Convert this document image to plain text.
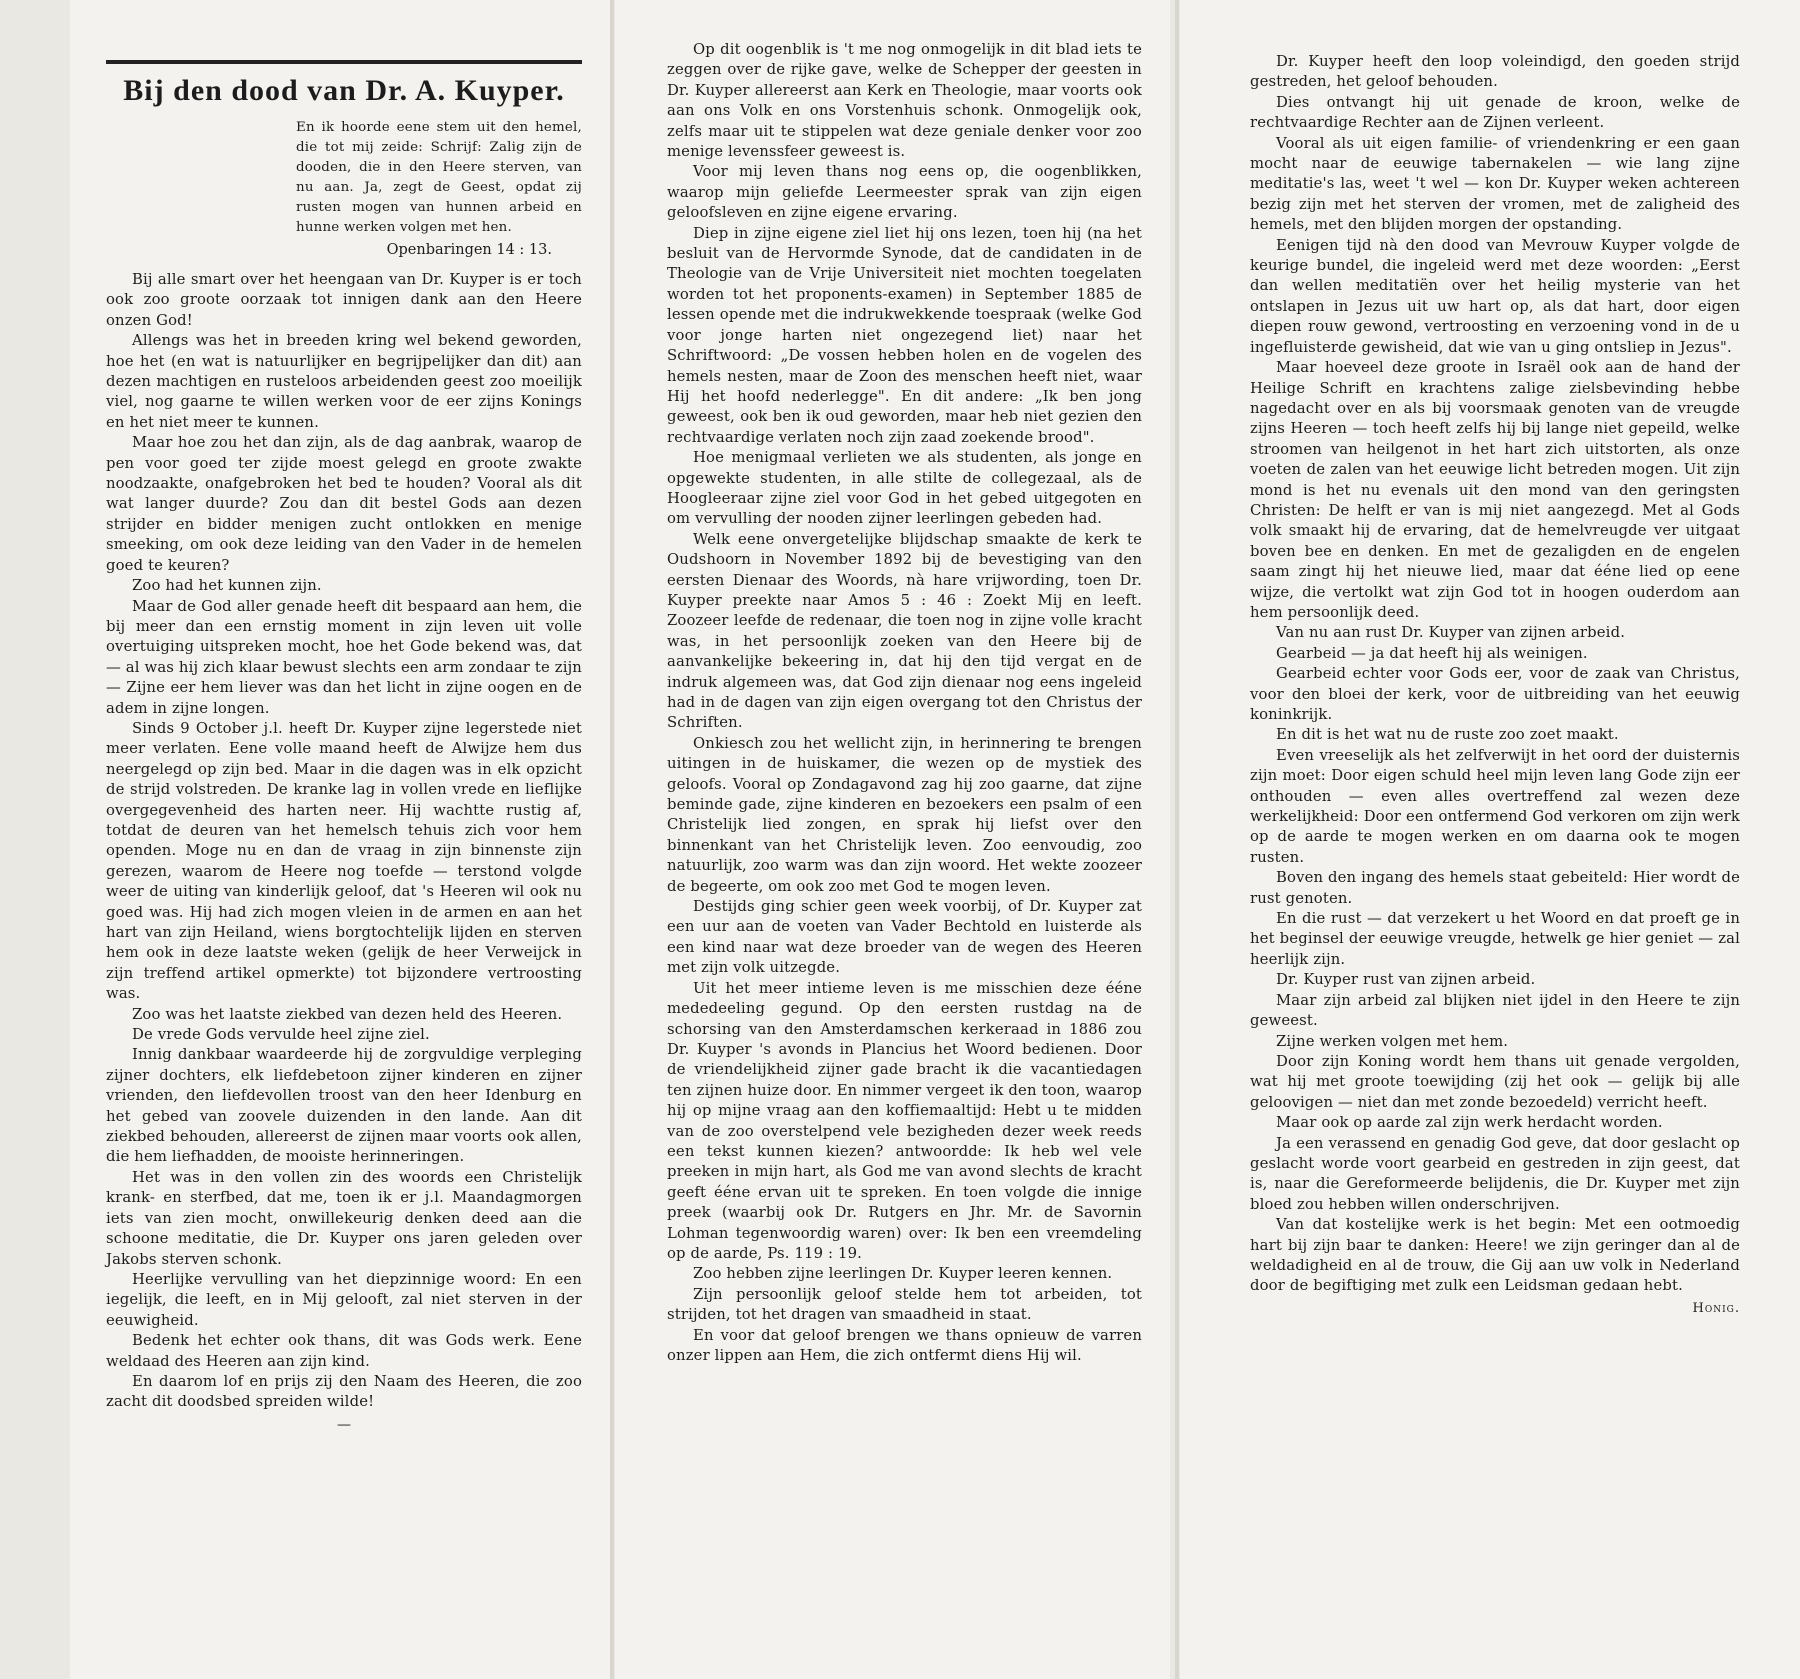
Bij den dood van Dr. A. Kuyper.
En ik hoorde eene stem uit den hemel, die tot mij zeide: Schrijf: Zalig zijn de dooden, die in den Heere sterven, van nu aan. Ja, zegt de Geest, opdat zij rusten mogen van hunnen arbeid en hunne werken volgen met hen.
Openbaringen 14 : 13.

Bij alle smart over het heengaan van Dr. Kuyper is er toch ook zoo groote oorzaak tot innigen dank aan den Heere onzen God!

Allengs was het in breeden kring wel bekend geworden, hoe het (en wat is natuurlijker en begrijpelijker dan dit) aan dezen machtigen en rusteloos arbeidenden geest zoo moeilijk viel, nog gaarne te willen werken voor de eer zijns Konings en het niet meer te kunnen.

Maar hoe zou het dan zijn, als de dag aanbrak, waarop de pen voor goed ter zijde moest gelegd en groote zwakte noodzaakte, onafgebroken het bed te houden? Vooral als dit wat langer duurde? Zou dan dit bestel Gods aan dezen strijder en bidder menigen zucht ontlokken en menige smeeking, om ook deze leiding van den Vader in de hemelen goed te keuren?

Zoo had het kunnen zijn.

Maar de God aller genade heeft dit bespaard aan hem, die bij meer dan een ernstig moment in zijn leven uit volle overtuiging uitspreken mocht, hoe het Gode bekend was, dat — al was hij zich klaar bewust slechts een arm zondaar te zijn — Zijne eer hem liever was dan het licht in zijne oogen en de adem in zijne longen.

Sinds 9 October j.l. heeft Dr. Kuyper zijne legerstede niet meer verlaten. Eene volle maand heeft de Alwijze hem dus neergelegd op zijn bed. Maar in die dagen was in elk opzicht de strijd volstreden. De kranke lag in vollen vrede en lieflijke overgegevenheid des harten neer. Hij wachtte rustig af, totdat de deuren van het hemelsch tehuis zich voor hem openden. Moge nu en dan de vraag in zijn binnenste zijn gerezen, waarom de Heere nog toefde — terstond volgde weer de uiting van kinderlijk geloof, dat 's Heeren wil ook nu goed was. Hij had zich mogen vleien in de armen en aan het hart van zijn Heiland, wiens borgtochtelijk lijden en sterven hem ook in deze laatste weken (gelijk de heer Verweijck in zijn treffend artikel opmerkte) tot bijzondere vertroosting was.

Zoo was het laatste ziekbed van dezen held des Heeren.

De vrede Gods vervulde heel zijne ziel.

Innig dankbaar waardeerde hij de zorgvuldige verpleging zijner dochters, elk liefdebetoon zijner kinderen en zijner vrienden, den liefdevollen troost van den heer Idenburg en het gebed van zoovele duizenden in den lande. Aan dit ziekbed behouden, allereerst de zijnen maar voorts ook allen, die hem liefhadden, de mooiste herinneringen.

Het was in den vollen zin des woords een Christelijk krank- en sterfbed, dat me, toen ik er j.l. Maandagmorgen iets van zien mocht, onwillekeurig denken deed aan die schoone meditatie, die Dr. Kuyper ons jaren geleden over Jakobs sterven schonk.

Heerlijke vervulling van het diepzinnige woord: En een iegelijk, die leeft, en in Mij gelooft, zal niet sterven in der eeuwigheid.

Bedenk het echter ook thans, dit was Gods werk. Eene weldaad des Heeren aan zijn kind.

En daarom lof en prijs zij den Naam des Heeren, die zoo zacht dit doodsbed spreiden wilde!

—

Op dit oogenblik is 't me nog onmogelijk in dit blad iets te zeggen over de rijke gave, welke de Schepper der geesten in Dr. Kuyper allereerst aan Kerk en Theologie, maar voorts ook aan ons Volk en ons Vorstenhuis schonk. Onmogelijk ook, zelfs maar uit te stippelen wat deze geniale denker voor zoo menige levenssfeer geweest is.

Voor mij leven thans nog eens op, die oogenblikken, waarop mijn geliefde Leermeester sprak van zijn eigen geloofsleven en zijne eigene ervaring.

Diep in zijne eigene ziel liet hij ons lezen, toen hij (na het besluit van de Hervormde Synode, dat de candidaten in de Theologie van de Vrije Universiteit niet mochten toegelaten worden tot het proponents-examen) in September 1885 de lessen opende met die indrukwekkende toespraak (welke God voor jonge harten niet ongezegend liet) naar het Schriftwoord: „De vossen hebben holen en de vogelen des hemels nesten, maar de Zoon des menschen heeft niet, waar Hij het hoofd nederlegge". En dit andere: „Ik ben jong geweest, ook ben ik oud geworden, maar heb niet gezien den rechtvaardige verlaten noch zijn zaad zoekende brood".

Hoe menigmaal verlieten we als studenten, als jonge en opgewekte studenten, in alle stilte de collegezaal, als de Hoogleeraar zijne ziel voor God in het gebed uitgegoten en om vervulling der nooden zijner leerlingen gebeden had.

Welk eene onvergetelijke blijdschap smaakte de kerk te Oudshoorn in November 1892 bij de bevestiging van den eersten Dienaar des Woords, nà hare vrijwording, toen Dr. Kuyper preekte naar Amos 5 : 46 : Zoekt Mij en leeft. Zoozeer leefde de redenaar, die toen nog in zijne volle kracht was, in het persoonlijk zoeken van den Heere bij de aanvankelijke bekeering in, dat hij den tijd vergat en de indruk algemeen was, dat God zijn dienaar nog eens ingeleid had in de dagen van zijn eigen overgang tot den Christus der Schriften.

Onkiesch zou het wellicht zijn, in herinnering te brengen uitingen in de huiskamer, die wezen op de mystiek des geloofs. Vooral op Zondagavond zag hij zoo gaarne, dat zijne beminde gade, zijne kinderen en bezoekers een psalm of een Christelijk lied zongen, en sprak hij liefst over den binnenkant van het Christelijk leven. Zoo eenvoudig, zoo natuurlijk, zoo warm was dan zijn woord. Het wekte zoozeer de begeerte, om ook zoo met God te mogen leven.

Destijds ging schier geen week voorbij, of Dr. Kuyper zat een uur aan de voeten van Vader Bechtold en luisterde als een kind naar wat deze broeder van de wegen des Heeren met zijn volk uitzegde.

Uit het meer intieme leven is me misschien deze ééne mededeeling gegund. Op den eersten rustdag na de schorsing van den Amsterdamschen kerkeraad in 1886 zou Dr. Kuyper 's avonds in Plancius het Woord bedienen. Door de vriendelijkheid zijner gade bracht ik die vacantiedagen ten zijnen huize door. En nimmer vergeet ik den toon, waarop hij op mijne vraag aan den koffiemaaltijd: Hebt u te midden van de zoo overstelpend vele bezigheden dezer week reeds een tekst kunnen kiezen? antwoordde: Ik heb wel vele preeken in mijn hart, als God me van avond slechts de kracht geeft ééne ervan uit te spreken. En toen volgde die innige preek (waarbij ook Dr. Rutgers en Jhr. Mr. de Savornin Lohman tegenwoordig waren) over: Ik ben een vreemdeling op de aarde, Ps. 119 : 19.

Zoo hebben zijne leerlingen Dr. Kuyper leeren kennen.

Zijn persoonlijk geloof stelde hem tot arbeiden, tot strijden, tot het dragen van smaadheid in staat.

En voor dat geloof brengen we thans opnieuw de varren onzer lippen aan Hem, die zich ontfermt diens Hij wil.

Dr. Kuyper heeft den loop voleindigd, den goeden strijd gestreden, het geloof behouden.

Dies ontvangt hij uit genade de kroon, welke de rechtvaardige Rechter aan de Zijnen verleent.

Vooral als uit eigen familie- of vriendenkring er een gaan mocht naar de eeuwige tabernakelen — wie lang zijne meditatie's las, weet 't wel — kon Dr. Kuyper weken achtereen bezig zijn met het sterven der vromen, met de zaligheid des hemels, met den blijden morgen der opstanding.

Eenigen tijd nà den dood van Mevrouw Kuyper volgde de keurige bundel, die ingeleid werd met deze woorden: „Eerst dan wellen meditatiën over het heilig mysterie van het ontslapen in Jezus uit uw hart op, als dat hart, door eigen diepen rouw gewond, vertroosting en verzoening vond in de u ingefluisterde gewisheid, dat wie van u ging ontsliep in Jezus".

Maar hoeveel deze groote in Israël ook aan de hand der Heilige Schrift en krachtens zalige zielsbevinding hebbe nagedacht over en als bij voorsmaak genoten van de vreugde zijns Heeren — toch heeft zelfs hij bij lange niet gepeild, welke stroomen van heilgenot in het hart zich uitstorten, als onze voeten de zalen van het eeuwige licht betreden mogen. Uit zijn mond is het nu evenals uit den mond van den geringsten Christen: De helft er van is mij niet aangezegd. Met al Gods volk smaakt hij de ervaring, dat de hemelvreugde ver uitgaat boven bee en denken. En met de gezaligden en de engelen saam zingt hij het nieuwe lied, maar dat ééne lied op eene wijze, die vertolkt wat zijn God tot in hoogen ouderdom aan hem persoonlijk deed.

Van nu aan rust Dr. Kuyper van zijnen arbeid.

Gearbeid — ja dat heeft hij als weinigen.

Gearbeid echter voor Gods eer, voor de zaak van Christus, voor den bloei der kerk, voor de uitbreiding van het eeuwig koninkrijk.

En dit is het wat nu de ruste zoo zoet maakt.

Even vreeselijk als het zelfverwijt in het oord der duisternis zijn moet: Door eigen schuld heel mijn leven lang Gode zijn eer onthouden — even alles overtreffend zal wezen deze werkelijkheid: Door een ontfermend God verkoren om zijn werk op de aarde te mogen werken en om daarna ook te mogen rusten.

Boven den ingang des hemels staat gebeiteld: Hier wordt de rust genoten.

En die rust — dat verzekert u het Woord en dat proeft ge in het beginsel der eeuwige vreugde, hetwelk ge hier geniet — zal heerlijk zijn.

Dr. Kuyper rust van zijnen arbeid.

Maar zijn arbeid zal blijken niet ijdel in den Heere te zijn geweest.

Zijne werken volgen met hem.

Door zijn Koning wordt hem thans uit genade vergolden, wat hij met groote toewijding (zij het ook — gelijk bij alle geloovigen — niet dan met zonde bezoedeld) verricht heeft.

Maar ook op aarde zal zijn werk herdacht worden.

Ja een verassend en genadig God geve, dat door geslacht op geslacht worde voort gearbeid en gestreden in zijn geest, dat is, naar die Gereformeerde belijdenis, die Dr. Kuyper met zijn bloed zou hebben willen onderschrijven.

Van dat kostelijke werk is het begin: Met een ootmoedig hart bij zijn baar te danken: Heere! we zijn geringer dan al de weldadigheid en al de trouw, die Gij aan uw volk in Nederland door de begiftiging met zulk een Leidsman gedaan hebt.

Honig.
